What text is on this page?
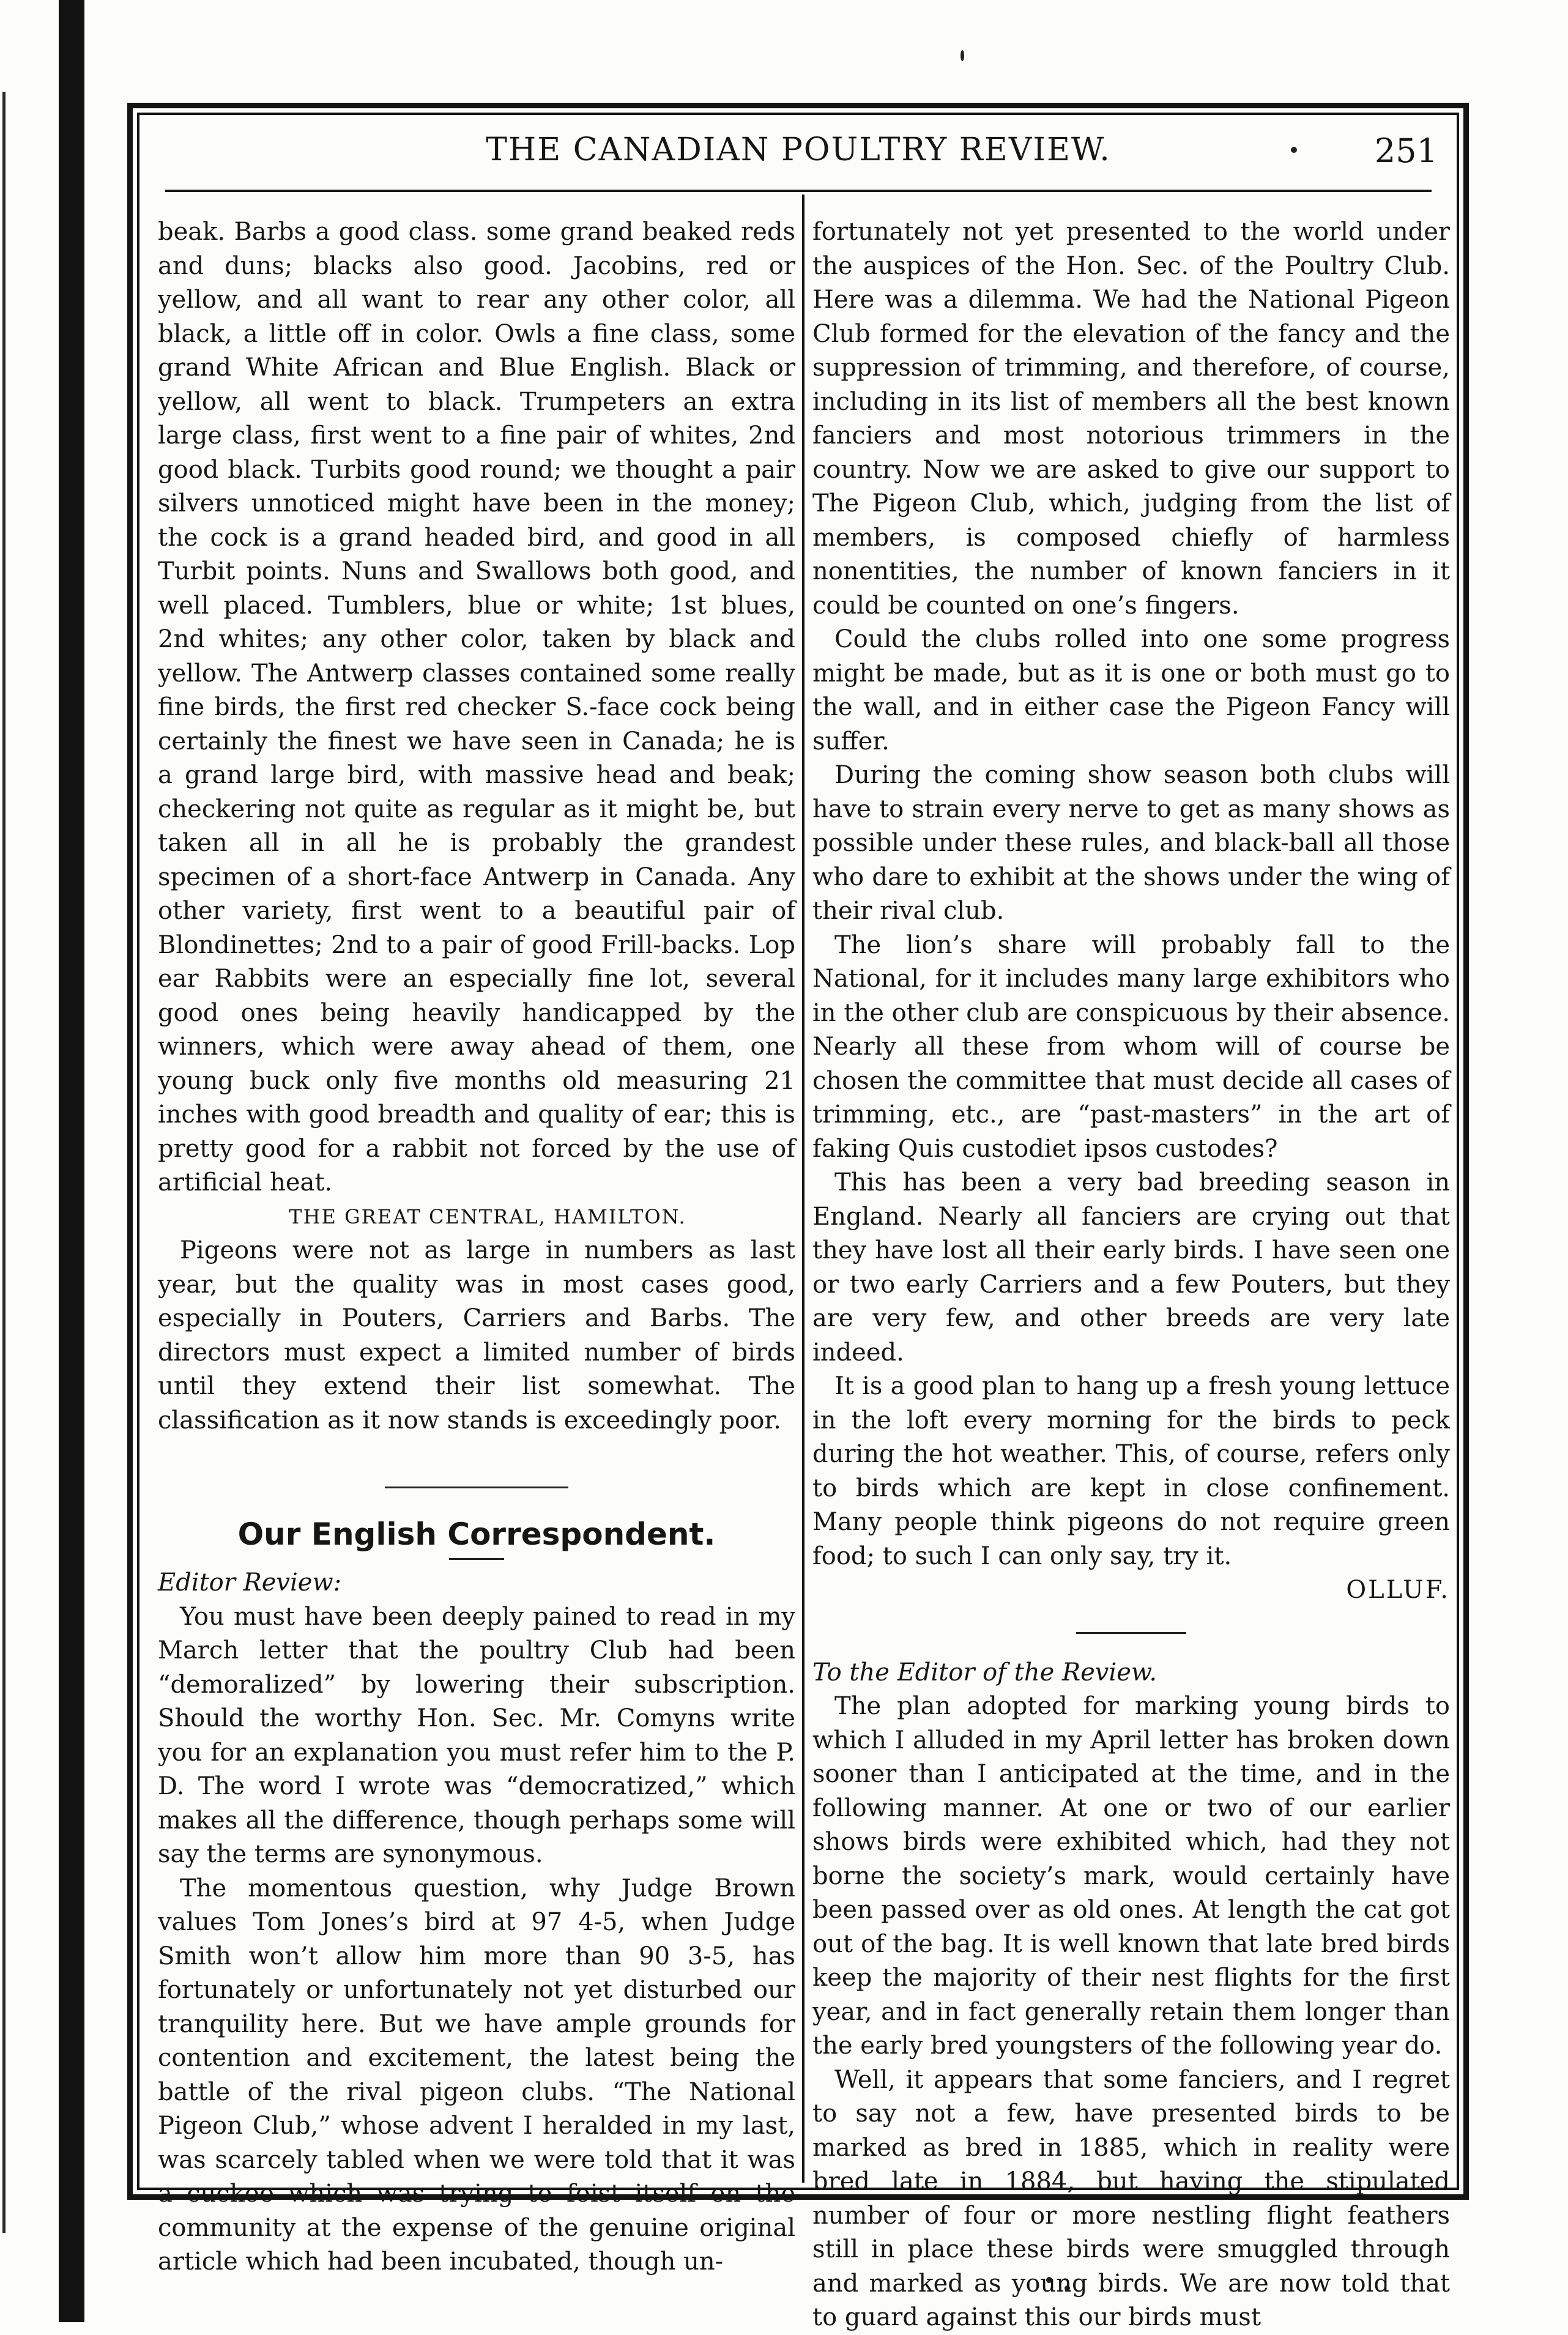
THE CANADIAN POULTRY REVIEW.	251

beak. Barbs a good class. some grand beaked reds and duns; blacks also good. Jacobins, red or yellow, and all want to rear any other color, all black, a little off in color. Owls a fine class, some grand White African and Blue English. Black or yellow, all went to black. Trumpeters an extra large class, first went to a fine pair of whites, 2nd good black. Turbits good round; we thought a pair silvers unnoticed might have been in the money; the cock is a grand headed bird, and good in all Turbit points. Nuns and Swallows both good, and well placed. Tumblers, blue or white; 1st blues, 2nd whites; any other color, taken by black and yellow. The Antwerp classes contained some really fine birds, the first red checker S.-face cock being certainly the finest we have seen in Canada; he is a grand large bird, with massive head and beak; checkering not quite as regular as it might be, but taken all in all he is probably the grandest specimen of a short-face Antwerp in Canada. Any other variety, first went to a beautiful pair of Blondinettes; 2nd to a pair of good Frill-backs. Lop ear Rabbits were an especially fine lot, several good ones being heavily handicapped by the winners, which were away ahead of them, one young buck only five months old measuring 21 inches with good breadth and quality of ear; this is pretty good for a rabbit not forced by the use of artificial heat.

THE GREAT CENTRAL, HAMILTON.

Pigeons were not as large in numbers as last year, but the quality was in most cases good, especially in Pouters, Carriers and Barbs. The directors must expect a limited number of birds until they extend their list somewhat. The classification as it now stands is exceedingly poor.

Our English Correspondent.

Editor Review:

You must have been deeply pained to read in my March letter that the poultry Club had been “demoralized” by lowering their subscription. Should the worthy Hon. Sec. Mr. Comyns write you for an explanation you must refer him to the P. D. The word I wrote was “democratized,” which makes all the difference, though perhaps some will say the terms are synonymous.

The momentous question, why Judge Brown values Tom Jones’s bird at 97 4-5, when Judge Smith won’t allow him more than 90 3-5, has fortunately or unfortunately not yet disturbed our tranquility here. But we have ample grounds for contention and excitement, the latest being the battle of the rival pigeon clubs. “The National Pigeon Club,” whose advent I heralded in my last, was scarcely tabled when we were told that it was a cuckoo which was trying to foist itself on the community at the expense of the genuine original article which had been incubated, though un-

fortunately not yet presented to the world under the auspices of the Hon. Sec. of the Poultry Club. Here was a dilemma. We had the National Pigeon Club formed for the elevation of the fancy and the suppression of trimming, and therefore, of course, including in its list of members all the best known fanciers and most notorious trimmers in the country. Now we are asked to give our support to The Pigeon Club, which, judging from the list of members, is composed chiefly of harmless nonentities, the number of known fanciers in it could be counted on one’s fingers.

Could the clubs rolled into one some progress might be made, but as it is one or both must go to the wall, and in either case the Pigeon Fancy will suffer.

During the coming show season both clubs will have to strain every nerve to get as many shows as possible under these rules, and black-ball all those who dare to exhibit at the shows under the wing of their rival club.

The lion’s share will probably fall to the National, for it includes many large exhibitors who in the other club are conspicuous by their absence. Nearly all these from whom will of course be chosen the committee that must decide all cases of trimming, etc., are “past-masters” in the art of faking Quis custodiet ipsos custodes?

This has been a very bad breeding season in England. Nearly all fanciers are crying out that they have lost all their early birds. I have seen one or two early Carriers and a few Pouters, but they are very few, and other breeds are very late indeed.

It is a good plan to hang up a fresh young lettuce in the loft every morning for the birds to peck during the hot weather. This, of course, refers only to birds which are kept in close confinement. Many people think pigeons do not require green food; to such I can only say, try it.

OLLUF.

To the Editor of the Review.

The plan adopted for marking young birds to which I alluded in my April letter has broken down sooner than I anticipated at the time, and in the following manner. At one or two of our earlier shows birds were exhibited which, had they not borne the society’s mark, would certainly have been passed over as old ones. At length the cat got out of the bag. It is well known that late bred birds keep the majority of their nest flights for the first year, and in fact generally retain them longer than the early bred youngsters of the following year do.

Well, it appears that some fanciers, and I regret to say not a few, have presented birds to be marked as bred in 1885, which in reality were bred late in 1884, but having the stipulated number of four or more nestling flight feathers still in place these birds were smuggled through and marked as young birds. We are now told that to guard against this our birds must
